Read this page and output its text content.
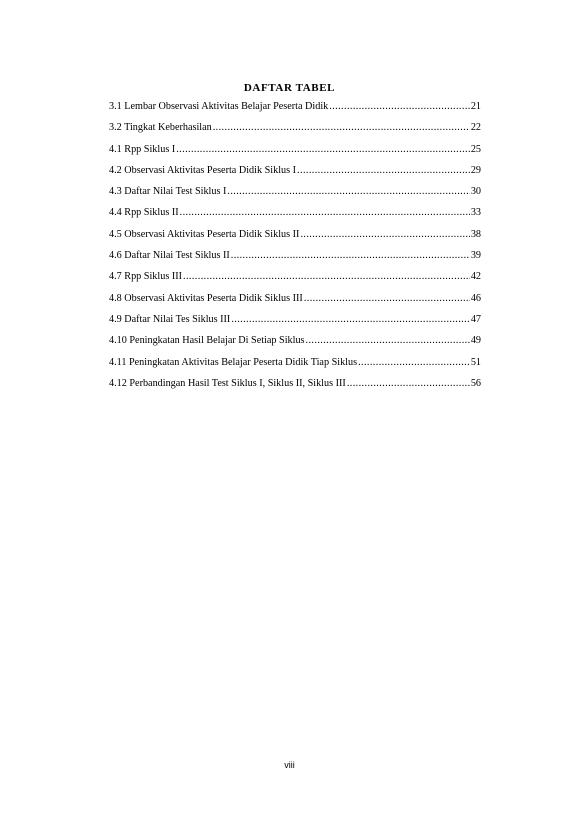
DAFTAR TABEL
3.1 Lembar Observasi Aktivitas Belajar Peserta Didik .....	21
3.2 Tingkat Keberhasilan .....	22
4.1 Rpp Siklus I .....	25
4.2 Observasi Aktivitas Peserta Didik Siklus I .....	29
4.3 Daftar Nilai Test Siklus I .....	30
4.4 Rpp Siklus II .....	33
4.5 Observasi Aktivitas Peserta Didik Siklus II .....	38
4.6 Daftar Nilai Test Siklus II .....	39
4.7 Rpp Siklus III .....	42
4.8 Observasi Aktivitas Peserta Didik Siklus III .....	46
4.9 Daftar Nilai Tes Siklus III .....	47
4.10 Peningkatan Hasil Belajar Di Setiap Siklus .....	49
4.11 Peningkatan Aktivitas Belajar Peserta Didik Tiap Siklus .....	51
4.12 Perbandingan Hasil Test Siklus I, Siklus II, Siklus III .....	56
viii
